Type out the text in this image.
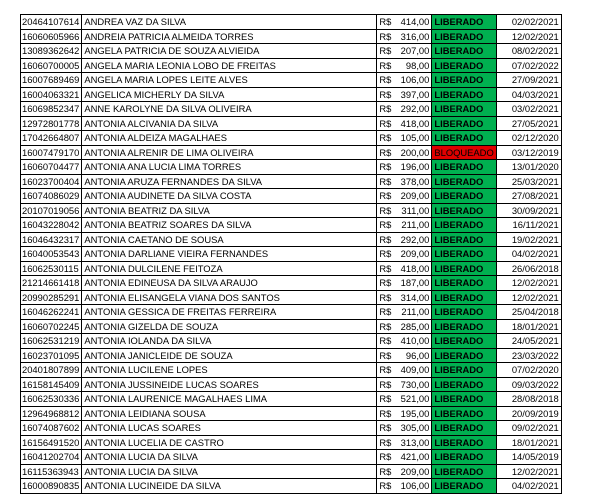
20464107614	ANDREA VAZ DA SILVA	R$	414,00	LIBERADO	02/02/2021
16060605966	ANDREIA PATRICIA ALMEIDA TORRES	R$	316,00	LIBERADO	12/02/2021
13089362642	ANGELA PATRICIA DE SOUZA ALVIEIDA	R$	207,00	LIBERADO	08/02/2021
16060700005	ANGELA MARIA LEONIA LOBO DE FREITAS	R$	98,00	LIBERADO	07/02/2022
16007689469	ANGELA MARIA LOPES LEITE ALVES	R$	106,00	LIBERADO	27/09/2021
16004063321	ANGELICA MICHERLY DA SILVA	R$	397,00	LIBERADO	04/03/2021
16069852347	ANNE KAROLYNE DA SILVA OLIVEIRA	R$	292,00	LIBERADO	03/02/2021
12972801778	ANTONIA ALCIVANIA DA SILVA	R$	418,00	LIBERADO	27/05/2021
17042664807	ANTONIA ALDEIZA MAGALHAES	R$	105,00	LIBERADO	02/12/2020
16007479170	ANTONIA ALRENIR DE LIMA OLIVEIRA	R$	200,00	BLOQUEADO	03/12/2019
16060704477	ANTONIA ANA LUCIA LIMA TORRES	R$	196,00	LIBERADO	13/01/2020
16023700404	ANTONIA ARUZA FERNANDES DA SILVA	R$	378,00	LIBERADO	25/03/2021
16074086029	ANTONIA AUDINETE DA SILVA COSTA	R$	209,00	LIBERADO	27/08/2021
20107019056	ANTONIA BEATRIZ DA SILVA	R$	311,00	LIBERADO	30/09/2021
16043228042	ANTONIA BEATRIZ SOARES DA SILVA	R$	211,00	LIBERADO	16/11/2021
16046432317	ANTONIA CAETANO DE SOUSA	R$	292,00	LIBERADO	19/02/2021
16040053543	ANTONIA DARLIANE VIEIRA FERNANDES	R$	209,00	LIBERADO	04/02/2021
16062530115	ANTONIA DULCILENE FEITOZA	R$	418,00	LIBERADO	26/06/2018
21214661418	ANTONIA EDINEUSA DA SILVA ARAUJO	R$	187,00	LIBERADO	12/02/2021
20990285291	ANTONIA ELISANGELA VIANA DOS SANTOS	R$	314,00	LIBERADO	12/02/2021
16046262241	ANTONIA GESSICA DE FREITAS FERREIRA	R$	211,00	LIBERADO	25/04/2018
16060702245	ANTONIA GIZELDA DE SOUZA	R$	285,00	LIBERADO	18/01/2021
16062531219	ANTONIA IOLANDA DA SILVA	R$	410,00	LIBERADO	24/05/2021
16023701095	ANTONIA JANICLEIDE DE SOUZA	R$	96,00	LIBERADO	23/03/2022
20401807899	ANTONIA LUCILENE LOPES	R$	409,00	LIBERADO	07/02/2020
16158145409	ANTONIA JUSSINEIDE LUCAS SOARES	R$	730,00	LIBERADO	09/03/2022
16062530336	ANTONIA LAURENICE MAGALHAES LIMA	R$	521,00	LIBERADO	28/08/2018
12964968812	ANTONIA LEIDIANA SOUSA	R$	195,00	LIBERADO	20/09/2019
16074087602	ANTONIA LUCAS SOARES	R$	305,00	LIBERADO	09/02/2021
16156491520	ANTONIA LUCELIA DE CASTRO	R$	313,00	LIBERADO	18/01/2021
16041202704	ANTONIA LUCIA DA SILVA	R$	421,00	LIBERADO	14/05/2019
16115363943	ANTONIA LUCIA DA SILVA	R$	209,00	LIBERADO	12/02/2021
16000890835	ANTONIA LUCINEIDE DA SILVA	R$	106,00	LIBERADO	04/02/2021
